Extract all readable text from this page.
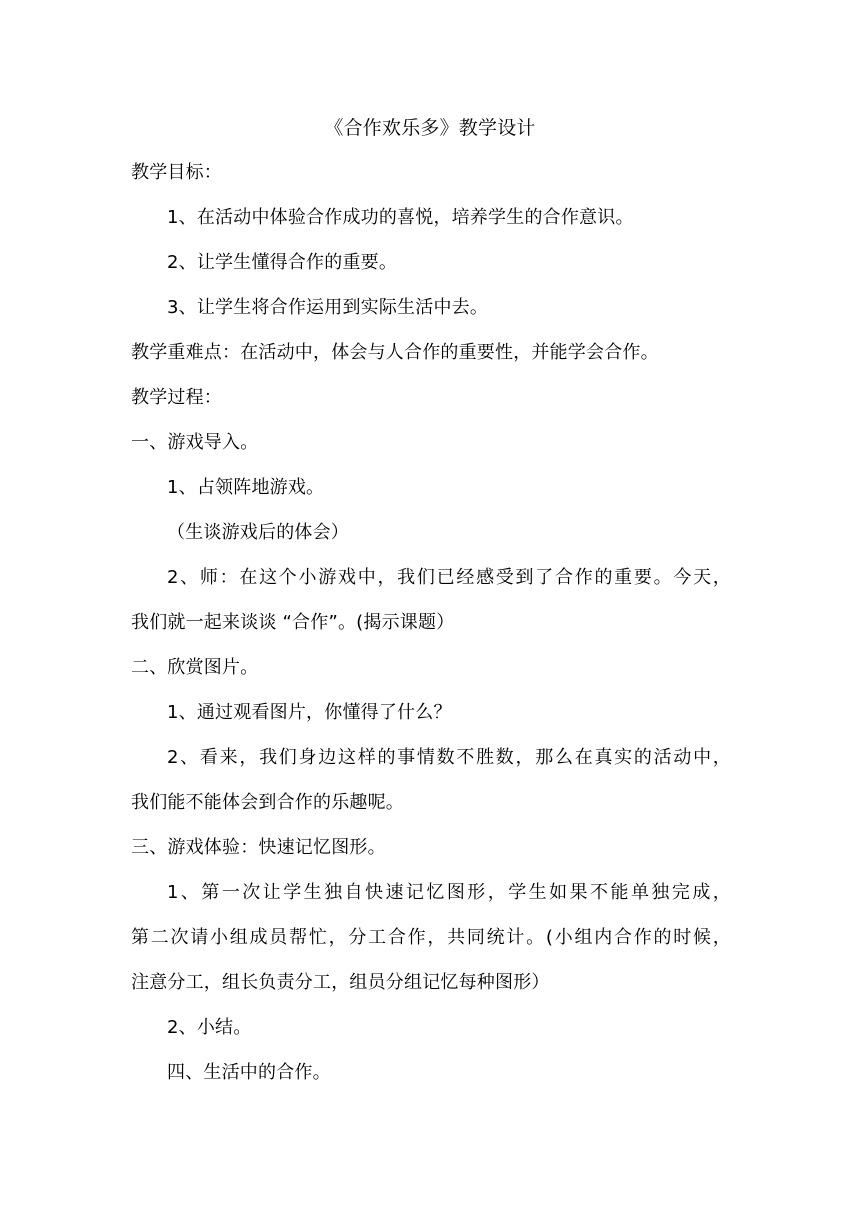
《合作欢乐多》教学设计
教学目标：
1、在活动中体验合作成功的喜悦，培养学生的合作意识。
2、让学生懂得合作的重要。
3、让学生将合作运用到实际生活中去。
教学重难点：在活动中，体会与人合作的重要性，并能学会合作。
教学过程：
一、游戏导入。
1、占领阵地游戏。
（生谈游戏后的体会）
2、师：在这个小游戏中，我们已经感受到了合作的重要。今天，
我们就一起来谈谈 “合作”。(揭示课题）
二、欣赏图片。
1、通过观看图片，你懂得了什么？
2、看来，我们身边这样的事情数不胜数，那么在真实的活动中，
我们能不能体会到合作的乐趣呢。
三、游戏体验：快速记忆图形。
1、第一次让学生独自快速记忆图形，学生如果不能单独完成，
第二次请小组成员帮忙，分工合作，共同统计。(小组内合作的时候，
注意分工，组长负责分工，组员分组记忆每种图形）
2、小结。
四、生活中的合作。
